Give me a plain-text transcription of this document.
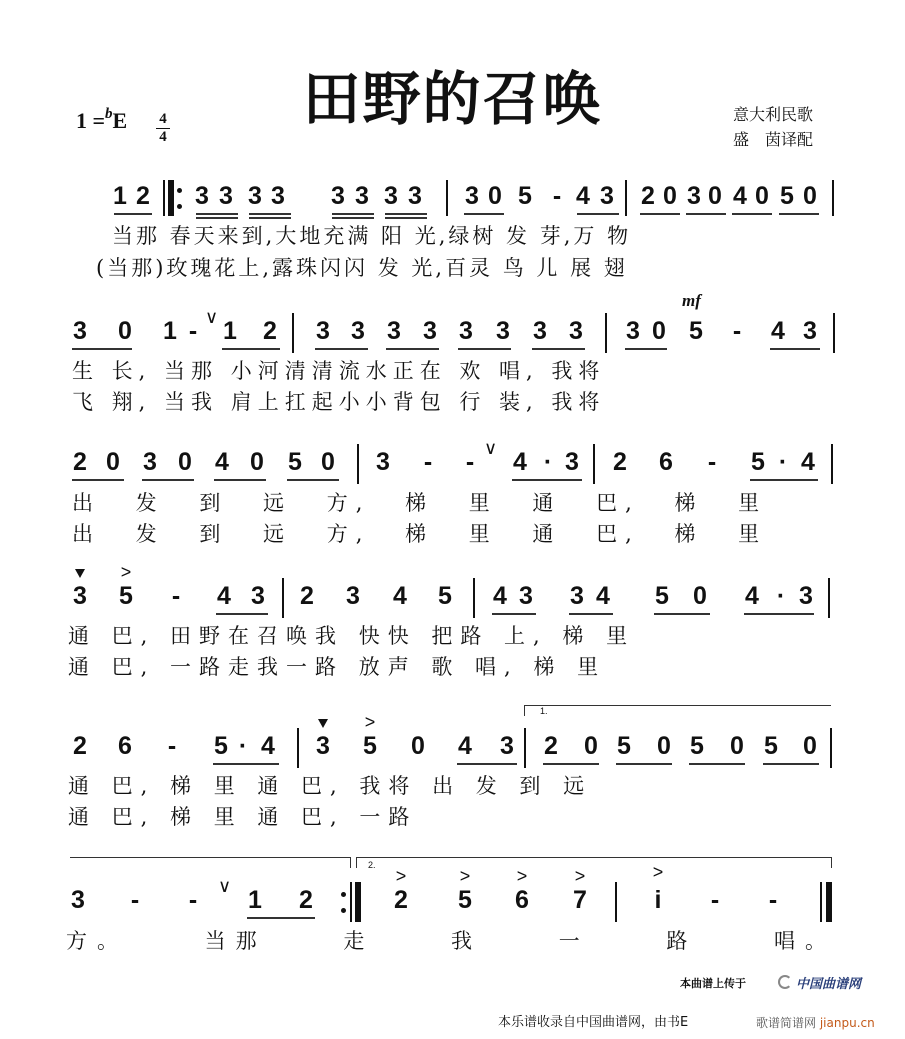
田野的召唤
1 =$^b$E 4
4
意大利民歌
盛　茵译配
1 2 3 3 3 3 3 3 3 3 3 0 5 - 4 3 2 0 3 0 4 0 5 0
当那 春天来到,大地充满 阳 光,绿树 发 芽,万 物
(当那)玫瑰花上,露珠闪闪 发 光,百灵 鸟 儿 展 翅
3 0 1 - ∨ 1 2 3 3 3 3 3 3 3 3 3 0
mf
5 - 4 3
生 长, 当那 小河清清流水正在 欢 唱, 我将
飞 翔, 当我 肩上扛起小小背包 行 装, 我将
2 0 3 0 4 0 5 0 3 - - ∨ 4 · 3 2 6 - 5 · 4
出 发 到 远 方, 梯 里 通 巴, 梯 里
出 发 到 远 方, 梯 里 通 巴, 梯 里
3
>
5 - 4 3 2 3 4 5 4 3 3 4 5 0 4 · 3
通 巴, 田野在召唤我 快快 把路 上, 梯 里
通 巴, 一路走我一路 放声 歌 唱, 梯 里
1.
2 6 - 5 · 4 3
>
5 0 4 3 2 0 5 0 5 0 5 0
通 巴, 梯 里 通 巴, 我将 出 发 到 远
通 巴, 梯 里 通 巴, 一路
2.
3 - -	∨ 1 2
>
2
>
5
>
6
>
7
>
i - -
方。 当那 走 我 一 路 唱。
本曲谱上传于	中国曲谱网
本乐谱收录自中国曲谱网，由书E	歌谱简谱网 jianpu.cn
